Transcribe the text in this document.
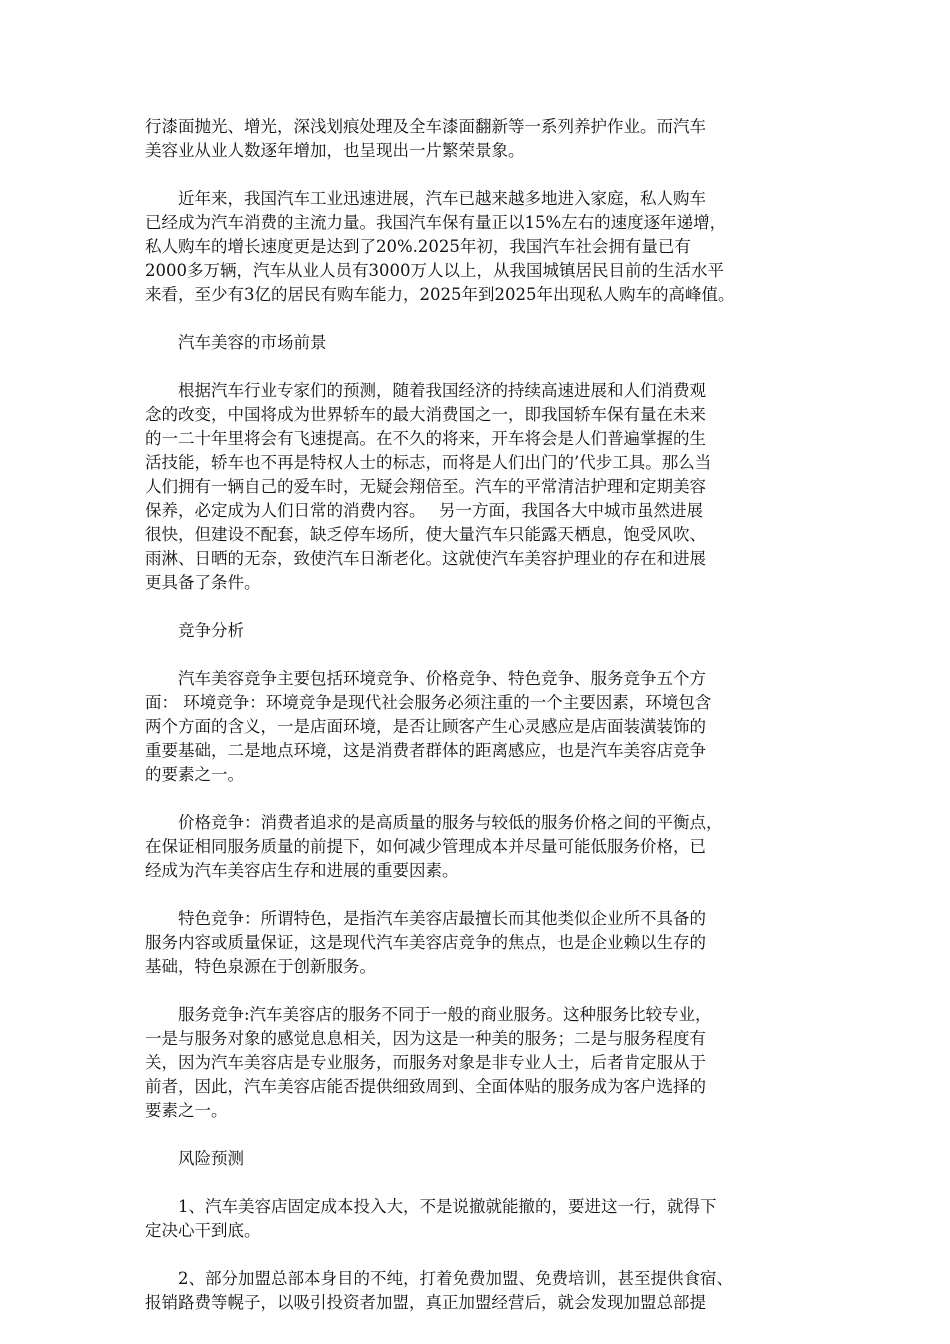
行漆面抛光、增光，深浅划痕处理及全车漆面翻新等一系列养护作业。而汽车
美容业从业人数逐年增加，也呈现出一片繁荣景象。

近年来，我国汽车工业迅速进展，汽车已越来越多地进入家庭，私人购车
已经成为汽车消费的主流力量。我国汽车保有量正以15%左右的速度逐年递增，
私人购车的增长速度更是达到了20%.2025年初，我国汽车社会拥有量已有
2000多万辆，汽车从业人员有3000万人以上，从我国城镇居民目前的生活水平
来看，至少有3亿的居民有购车能力，2025年到2025年出现私人购车的高峰值。

汽车美容的市场前景

根据汽车行业专家们的预测，随着我国经济的持续高速进展和人们消费观
念的改变，中国将成为世界轿车的最大消费国之一，即我国轿车保有量在未来
的一二十年里将会有飞速提高。在不久的将来，开车将会是人们普遍掌握的生
活技能，轿车也不再是特权人士的标志，而将是人们出门的’代步工具。那么当
人们拥有一辆自己的爱车时，无疑会翔倍至。汽车的平常清洁护理和定期美容
保养，必定成为人们日常的消费内容。　 另一方面，我国各大中城市虽然进展
很快，但建设不配套，缺乏停车场所，使大量汽车只能露天栖息，饱受风吹、
雨淋、日晒的无奈，致使汽车日渐老化。这就使汽车美容护理业的存在和进展
更具备了条件。

竞争分析

汽车美容竞争主要包括环境竞争、价格竞争、特色竞争、服务竞争五个方
面： 环境竞争：环境竞争是现代社会服务必须注重的一个主要因素，环境包含
两个方面的含义，一是店面环境，是否让顾客产生心灵感应是店面装潢装饰的
重要基础，二是地点环境，这是消费者群体的距离感应，也是汽车美容店竞争
的要素之一。

价格竞争：消费者追求的是高质量的服务与较低的服务价格之间的平衡点，
在保证相同服务质量的前提下，如何减少管理成本并尽量可能低服务价格，已
经成为汽车美容店生存和进展的重要因素。

特色竞争：所谓特色，是指汽车美容店最擅长而其他类似企业所不具备的
服务内容或质量保证，这是现代汽车美容店竞争的焦点，也是企业赖以生存的
基础，特色泉源在于创新服务。

服务竞争:汽车美容店的服务不同于一般的商业服务。这种服务比较专业，
一是与服务对象的感觉息息相关，因为这是一种美的服务；二是与服务程度有
关，因为汽车美容店是专业服务，而服务对象是非专业人士，后者肯定服从于
前者，因此，汽车美容店能否提供细致周到、全面体贴的服务成为客户选择的
要素之一。

风险预测

1、汽车美容店固定成本投入大，不是说撤就能撤的，要进这一行，就得下
定决心干到底。

2、部分加盟总部本身目的不纯，打着免费加盟、免费培训，甚至提供食宿、
报销路费等幌子，以吸引投资者加盟，真正加盟经营后，就会发现加盟总部提
